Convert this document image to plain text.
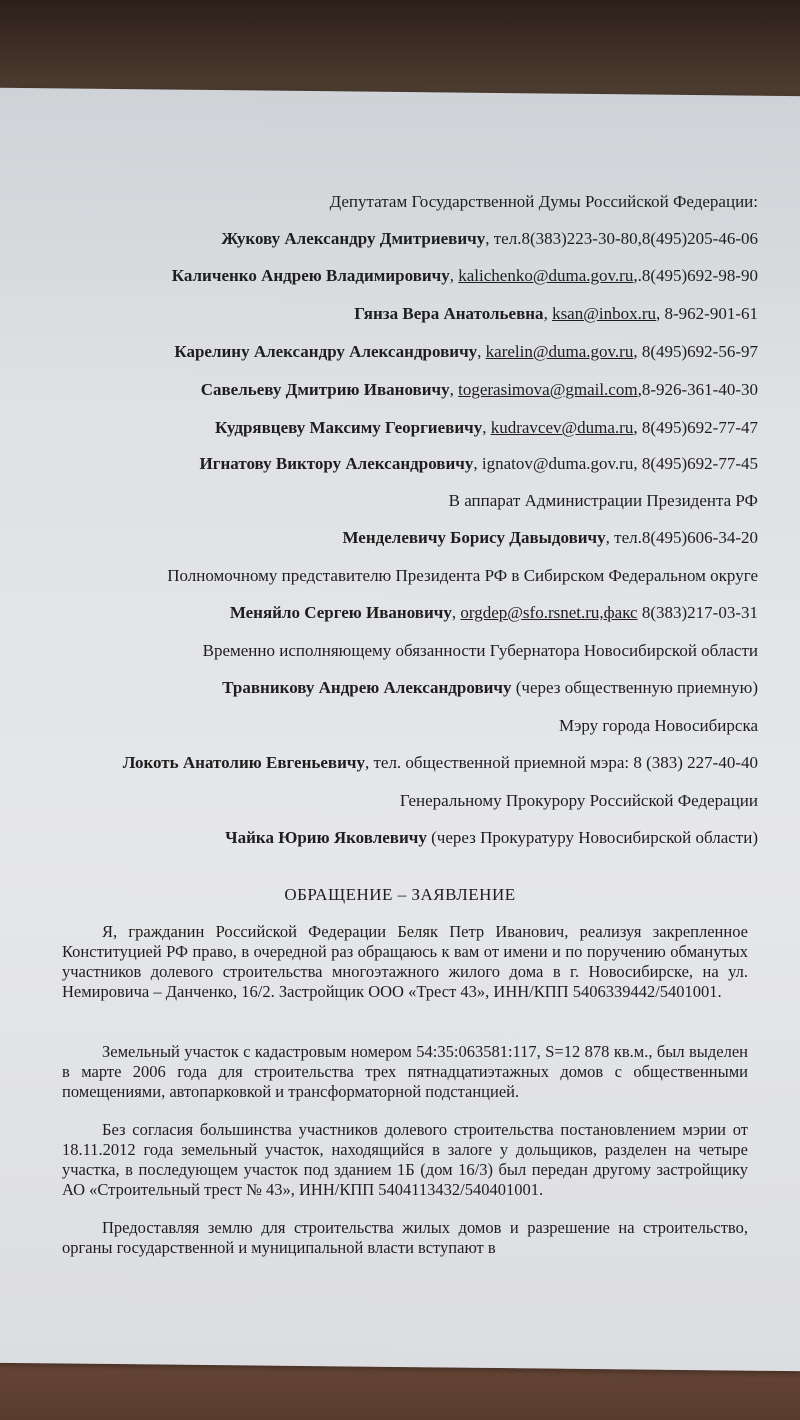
Депутатам Государственной Думы Российской Федерации:
Жукову Александру Дмитриевичу, тел.8(383)223-30-80,8(495)205-46-06
Каличенко Андрею Владимировичу, kalichenko@duma.gov.ru,.8(495)692-98-90
Гянза Вера Анатольевна, ksan@inbox.ru, 8-962-901-61
Карелину Александру Александровичу, karelin@duma.gov.ru, 8(495)692-56-97
Савельеву Дмитрию Ивановичу, togerasimova@gmail.com,8-926-361-40-30
Кудрявцеву Максиму Георгиевичу, kudravcev@duma.ru, 8(495)692-77-47
Игнатову Виктору Александровичу, ignatov@duma.gov.ru, 8(495)692-77-45
В аппарат Администрации Президента РФ
Менделевичу Борису Давыдовичу, тел.8(495)606-34-20
Полномочному представителю Президента РФ в Сибирском Федеральном округе
Меняйло Сергею Ивановичу, orgdep@sfo.rsnet.ru,факс 8(383)217-03-31
Временно исполняющему обязанности Губернатора Новосибирской области
Травникову Андрею Александровичу (через общественную приемную)
Мэру города Новосибирска
Локоть Анатолию Евгеньевичу, тел. общественной приемной мэра: 8 (383) 227-40-40
Генеральному Прокурору Российской Федерации
Чайка Юрию Яковлевичу (через Прокуратуру Новосибирской области)
ОБРАЩЕНИЕ – ЗАЯВЛЕНИЕ

Я, гражданин Российской Федерации Беляк Петр Иванович, реализуя закрепленное Конституцией РФ право, в очередной раз обращаюсь к вам от имени и по поручению обманутых участников долевого строительства многоэтажного жилого дома в г. Новосибирске, на ул. Немировича – Данченко, 16/2. Застройщик ООО «Трест 43», ИНН/КПП 5406339442/5401001.

Земельный участок с кадастровым номером 54:35:063581:117, S=12 878 кв.м., был выделен в марте 2006 года для строительства трех пятнадцатиэтажных домов с общественными помещениями, автопарковкой и трансформаторной подстанцией.

Без согласия большинства участников долевого строительства постановлением мэрии от 18.11.2012 года земельный участок, находящийся в залоге у дольщиков, разделен на четыре участка, в последующем участок под зданием 1Б (дом 16/3) был передан другому застройщику АО «Строительный трест № 43», ИНН/КПП 5404113432/540401001.

Предоставляя землю для строительства жилых домов и разрешение на строительство, органы государственной и муниципальной власти вступают в
